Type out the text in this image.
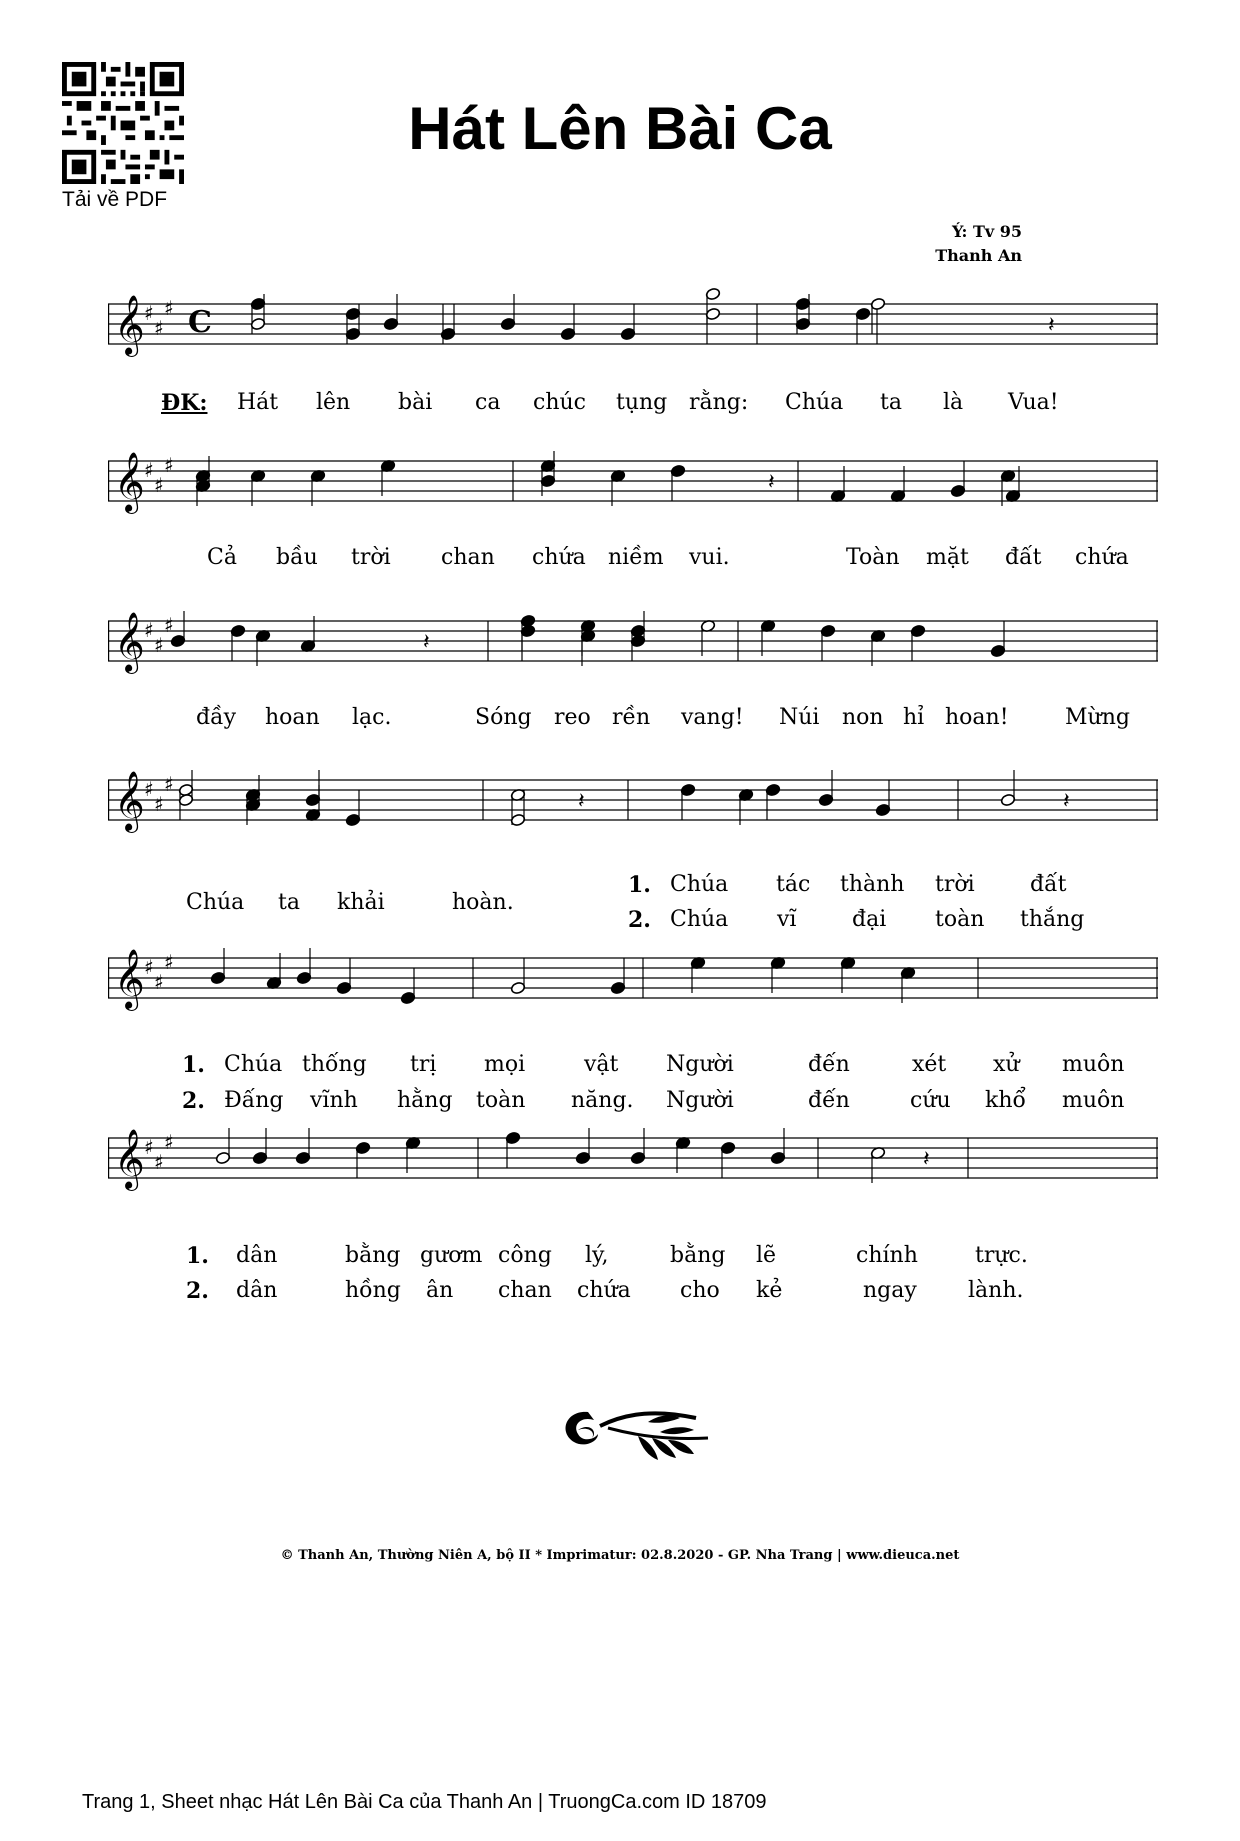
Tải về PDF
Hát Lên Bài Ca
Ý: Tv 95
Thanh An
𝄞 ♯
♯
♯ C	𝄽
𝄞 ♯
♯
♯
𝄽
𝄞 ♯
♯
♯
𝄽
𝄞 ♯
♯
♯
𝄽	𝄽
𝄞 ♯
♯
♯
𝄞 ♯
♯
♯
𝄽
ĐK: Hát lên bài ca chúc tụng rằng: Chúa ta là Vua!
Cả bầu trời chan chứa niềm vui.	Toàn mặt đất chứa
đầy hoan lạc.	Sóng reo rền vang! Núi non hỉ hoan!	Mừng
Chúa ta khải	hoàn.
1. Chúa tác thành trời	đất
2. Chúa vĩ	đại toàn thắng
1. Chúa thống trị mọi	vật Người	đến	xét xử muôn
2. Đấng vĩnh hằng toàn năng. Người	đến	cứu khổ muôn
1. dân	bằng gươm công lý,	bằng lẽ	chính	trực.
2. dân	hồng ân chan chứa cho kẻ	ngay lành.
© Thanh An, Thường Niên A, bộ II * Imprimatur: 02.8.2020 - GP. Nha Trang | www.dieuca.net
Trang 1, Sheet nhạc Hát Lên Bài Ca của Thanh An | TruongCa.com ID 18709
